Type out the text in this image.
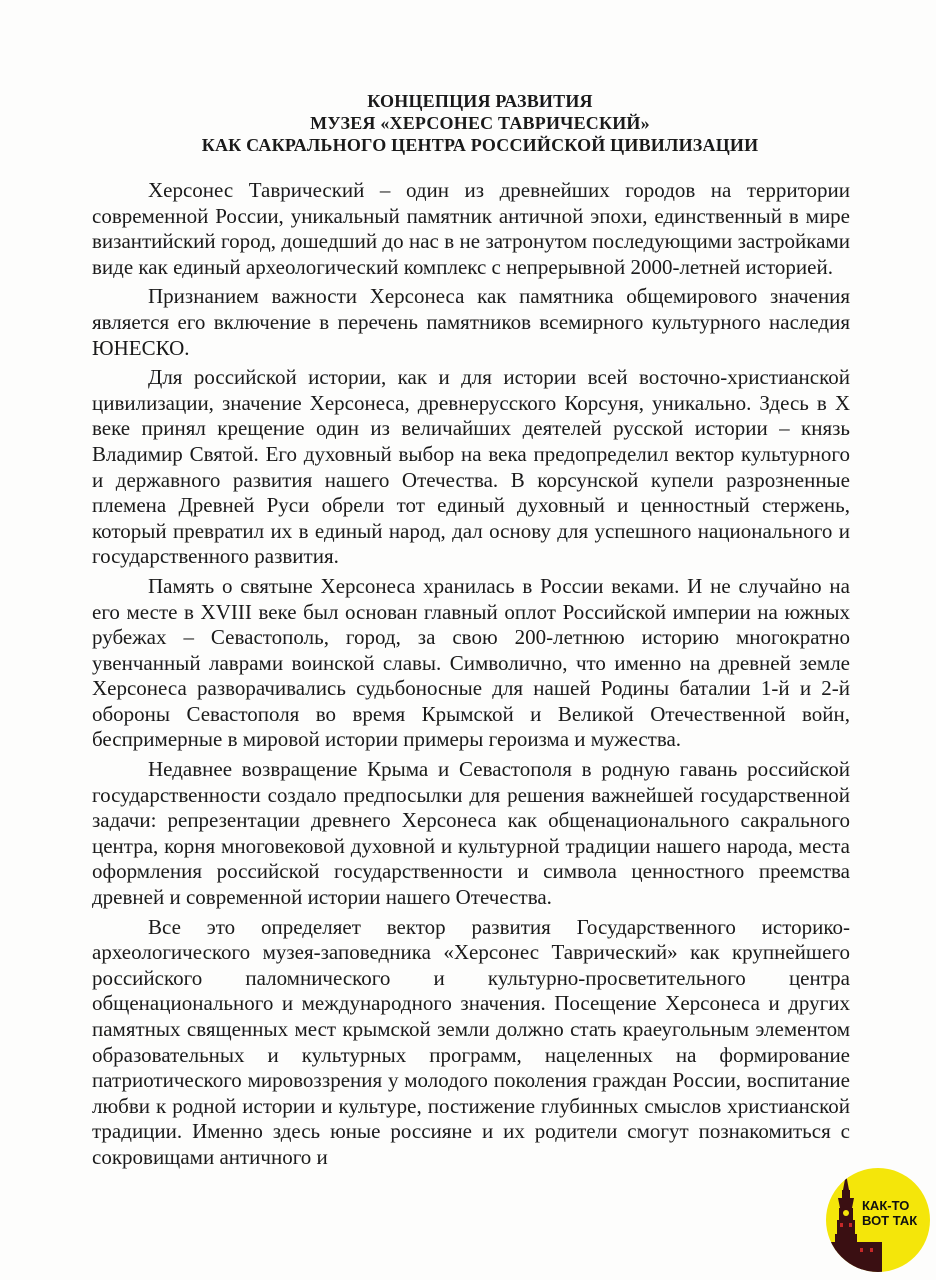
КОНЦЕПЦИЯ РАЗВИТИЯ
МУЗЕЯ «ХЕРСОНЕС ТАВРИЧЕСКИЙ»
КАК САКРАЛЬНОГО ЦЕНТРА РОССИЙСКОЙ ЦИВИЛИЗАЦИИ

Херсонес Таврический – один из древнейших городов на территории современной России, уникальный памятник античной эпохи, единственный в мире византийский город, дошедший до нас в не затронутом последующими застройками виде как единый археологический комплекс с непрерывной 2000-летней историей.

Признанием важности Херсонеса как памятника общемирового значения является его включение в перечень памятников всемирного культурного наследия ЮНЕСКО.

Для российской истории, как и для истории всей восточно-христианской цивилизации, значение Херсонеса, древнерусского Корсуня, уникально. Здесь в X веке принял крещение один из величайших деятелей русской истории – князь Владимир Святой. Его духовный выбор на века предопределил вектор культурного и державного развития нашего Отечества. В корсунской купели разрозненные племена Древней Руси обрели тот единый духовный и ценностный стержень, который превратил их в единый народ, дал основу для успешного национального и государственного развития.

Память о святыне Херсонеса хранилась в России веками. И не случайно на его месте в XVIII веке был основан главный оплот Российской империи на южных рубежах – Севастополь, город, за свою 200-летнюю историю многократно увенчанный лаврами воинской славы. Символично, что именно на древней земле Херсонеса разворачивались судьбоносные для нашей Родины баталии 1-й и 2-й обороны Севастополя во время Крымской и Великой Отечественной войн, беспримерные в мировой истории примеры героизма и мужества.

Недавнее возвращение Крыма и Севастополя в родную гавань российской государственности создало предпосылки для решения важнейшей государственной задачи: репрезентации древнего Херсонеса как общенационального сакрального центра, корня многовековой духовной и культурной традиции нашего народа, места оформления российской государственности и символа ценностного преемства древней и современной истории нашего Отечества.

Все это определяет вектор развития Государственного историко-археологического музея-заповедника «Херсонес Таврический» как крупнейшего российского паломнического и культурно-просветительного центра общенационального и международного значения. Посещение Херсонеса и других памятных священных мест крымской земли должно стать краеугольным элементом образовательных и культурных программ, нацеленных на формирование патриотического мировоззрения у молодого поколения граждан России, воспитание любви к родной истории и культуре, постижение глубинных смыслов христианской традиции. Именно здесь юные россияне и их родители смогут познакомиться с сокровищами античного и

КАК-ТО
ВОТ ТАК
